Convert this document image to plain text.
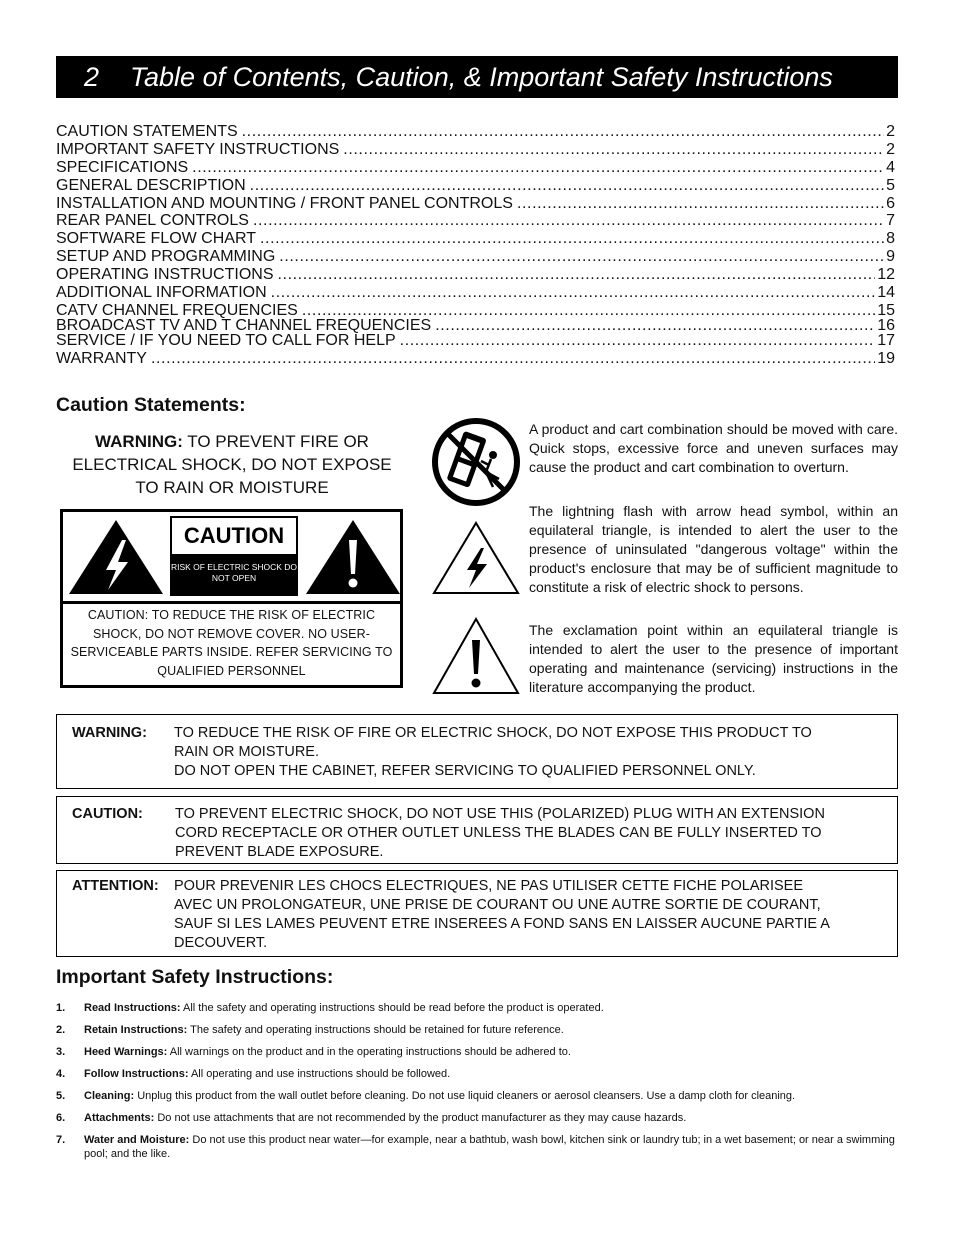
2	Table of Contents, Caution, & Important Safety Instructions
CAUTION STATEMENTS .....	2
IMPORTANT SAFETY INSTRUCTIONS .....	2
SPECIFICATIONS .....	4
GENERAL DESCRIPTION .....	5
INSTALLATION AND MOUNTING / FRONT PANEL CONTROLS .....	6
REAR PANEL CONTROLS .....	7
SOFTWARE FLOW CHART .....	8
SETUP AND PROGRAMMING .....	9
OPERATING INSTRUCTIONS .....	12
ADDITIONAL INFORMATION .....	14
CATV CHANNEL FREQUENCIES .....	15
BROADCAST TV AND T CHANNEL FREQUENCIES .....	16
SERVICE / IF YOU NEED TO CALL FOR HELP .....	17
WARRANTY .....	19
Caution Statements:
WARNING: TO PREVENT FIRE OR ELECTRICAL SHOCK, DO NOT EXPOSE TO RAIN OR MOISTURE
CAUTION
RISK OF ELECTRIC SHOCK DO NOT OPEN
CAUTION: TO REDUCE THE RISK OF ELECTRIC SHOCK, DO NOT REMOVE COVER. NO USER-SERVICEABLE PARTS INSIDE. REFER SERVICING TO QUALIFIED PERSONNEL
A product and cart combination should be moved with care. Quick stops, excessive force and uneven surfaces may cause the product and cart combination to overturn.
The lightning flash with arrow head symbol, within an equilateral triangle, is intended to alert the user to the presence of uninsulated "dangerous voltage" within the product's enclosure that may be of sufficient magnitude to constitute a risk of electric shock to persons.
The exclamation point within an equilateral triangle is intended to alert the user to the presence of important operating and maintenance (servicing) instructions in the literature accompanying the product.
WARNING: TO REDUCE THE RISK OF FIRE OR ELECTRIC SHOCK, DO NOT EXPOSE THIS PRODUCT TO
RAIN OR MOISTURE.
DO NOT OPEN THE CABINET, REFER SERVICING TO QUALIFIED PERSONNEL ONLY.
CAUTION: TO PREVENT ELECTRIC SHOCK, DO NOT USE THIS (POLARIZED) PLUG WITH AN EXTENSION
CORD RECEPTACLE OR OTHER OUTLET UNLESS THE BLADES CAN BE FULLY INSERTED TO
PREVENT BLADE EXPOSURE.
ATTENTION: POUR PREVENIR LES CHOCS ELECTRIQUES, NE PAS UTILISER CETTE FICHE POLARISEE
AVEC UN PROLONGATEUR, UNE PRISE DE COURANT OU UNE AUTRE SORTIE DE COURANT,
SAUF SI LES LAMES PEUVENT ETRE INSEREES A FOND SANS EN LAISSER AUCUNE PARTIE A
DECOUVERT.
Important Safety Instructions:
1. Read Instructions: All the safety and operating instructions should be read before the product is operated.
2. Retain Instructions: The safety and operating instructions should be retained for future reference.
3. Heed Warnings: All warnings on the product and in the operating instructions should be adhered to.
4. Follow Instructions: All operating and use instructions should be followed.
5. Cleaning: Unplug this product from the wall outlet before cleaning. Do not use liquid cleaners or aerosol cleansers. Use a damp cloth for cleaning.
6. Attachments: Do not use attachments that are not recommended by the product manufacturer as they may cause hazards.
7. Water and Moisture: Do not use this product near water—for example, near a bathtub, wash bowl, kitchen sink or laundry tub; in a wet basement; or near a swimming pool; and the like.
